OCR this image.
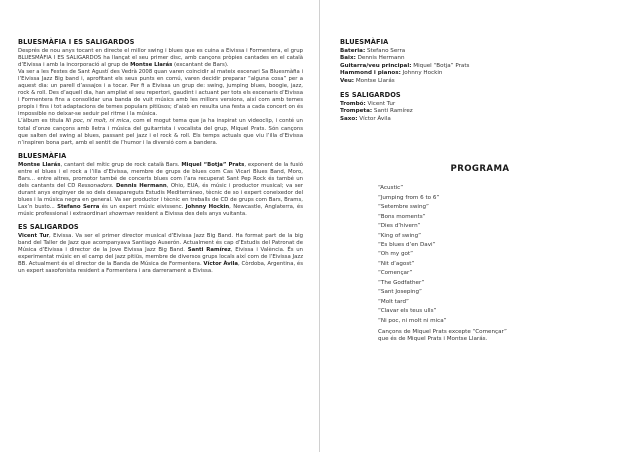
BLUESMÀFIA I ES SALIGARDOS

Després de nou anys tocant en directe el millor swing i blues que es cuina a Eivissa i Formentera, el grup BLUESMÀFIA I ES SALIGARDOS ha llançat el seu primer disc, amb cançons pròpies cantades en el català d’Eivissa i amb la incorporació al grup de Montse Llarás (excantant de Bars).

Va ser a les Festes de Sant Agustí des Vedrà 2008 quan varen coincidir al mateix escenari Sa Bluesmàfia i l’Eivissa Jazz Big band i, aprofitant els seus punts en comú, varen decidir preparar “alguna cosa” per a aquest dia: un parell d’assajos i a tocar. Per fi a Eivissa un grup de: swing, jumping blues, boogie, jazz, rock & roll. Des d’aquell dia, han ampliat el seu repertori, gaudint i actuant per tots els escenaris d’Eivissa i Formentera fins a consolidar una banda de vuit músics amb les millors versions, així com amb temes propis i fins i tot adaptacions de temes populars pitiüsos; d’això en resulta una festa a cada concert on és impossible no deixar-se seduir pel ritme i la música.

L’àlbum es titula Ni poc, ni molt, ni mica, com el mogut tema que ja ha inspirat un videoclip, i conté un total d’onze cançons amb lletra i música del guitarrista i vocalista del grup, Miquel Prats. Són cançons que salten del swing al blues, passant pel jazz i el rock & roll. Els temps actuals que viu l’illa d’Eivissa n’inspiren bona part, amb el sentit de l’humor i la diversió com a bandera.

BLUESMÀFIA

Montse Llarás, cantant del mític grup de rock català Bars. Miquel “Botja” Prats, exponent de la fusió entre el blues i el rock a l’illa d’Eivissa, membre de grups de blues com Cas Vicari Blues Band, Moro, Bars... entre altres, promotor també de concerts blues com l’ara recuperat Sant Pep Rock és també un dels cantants del CD Ressonadors. Dennis Hermann, Ohio, EUA, és músic i productor musical; va ser durant anys enginyer de so dels desapareguts Estudis Mediterráneo, tècnic de so i expert coneixedor del blues i la música negra en general. Va ser productor i tècnic en treballs de CD de grups com Bars, Brams, Lax’n busto... Stefano Serra és un expert músic eivissenc. Johnny Hockin, Newcastle, Anglaterra, és músic professional i extraordinari showman resident a Eivissa des dels anys vuitanta.

ES SALIGARDOS

Vicent Tur, Eivissa. Va ser el primer director musical d’Eivissa Jazz Big Band. Ha format part de la big band del Taller de Jazz que acompanyava Santiago Auserón. Actualment és cap d’Estudis del Patronat de Música d’Eivissa i director de la Jove Eivissa Jazz Big Band. Santi Ramírez, Eivissa i València. És un experimentat músic en el camp del jazz pitiüs, membre de diversos grups locals així com de l’Eivissa Jazz BB. Actualment és el director de la Banda de Música de Formentera. Víctor Àvila, Còrdoba, Argentina, és un expert saxofonista resident a Formentera i ara darrerament a Eivissa.

BLUESMÀFIA
Bateria: Stefano Serra
Baix: Dennis Hermann
Guitarra/veu principal: Miquel “Botja” Prats
Hammond i pianos: Johnny Hockin
Veu: Montse Llarás
ES SALIGARDOS
Trombó: Vicent Tur
Trompeta: Santi Ramírez
Saxo: Víctor Àvila
PROGRAMA
“Acustic”
“Jumping from 6 to 6”
“Setembre swing”
“Bons moments”
“Dies d’hivern”
“King of swing”
“Es blues d’en Davi”
“Oh my got”
“Nit d’agost”
“Començar”
“The Godfather”
“Sant Joseping”
“Molt tard”
“Clavar els teus ulls”
“Ni poc, ni molt ni mica”
Cançons de Miquel Prats excepte “Començar”
que és de Miquel Prats i Montse Llarás.
